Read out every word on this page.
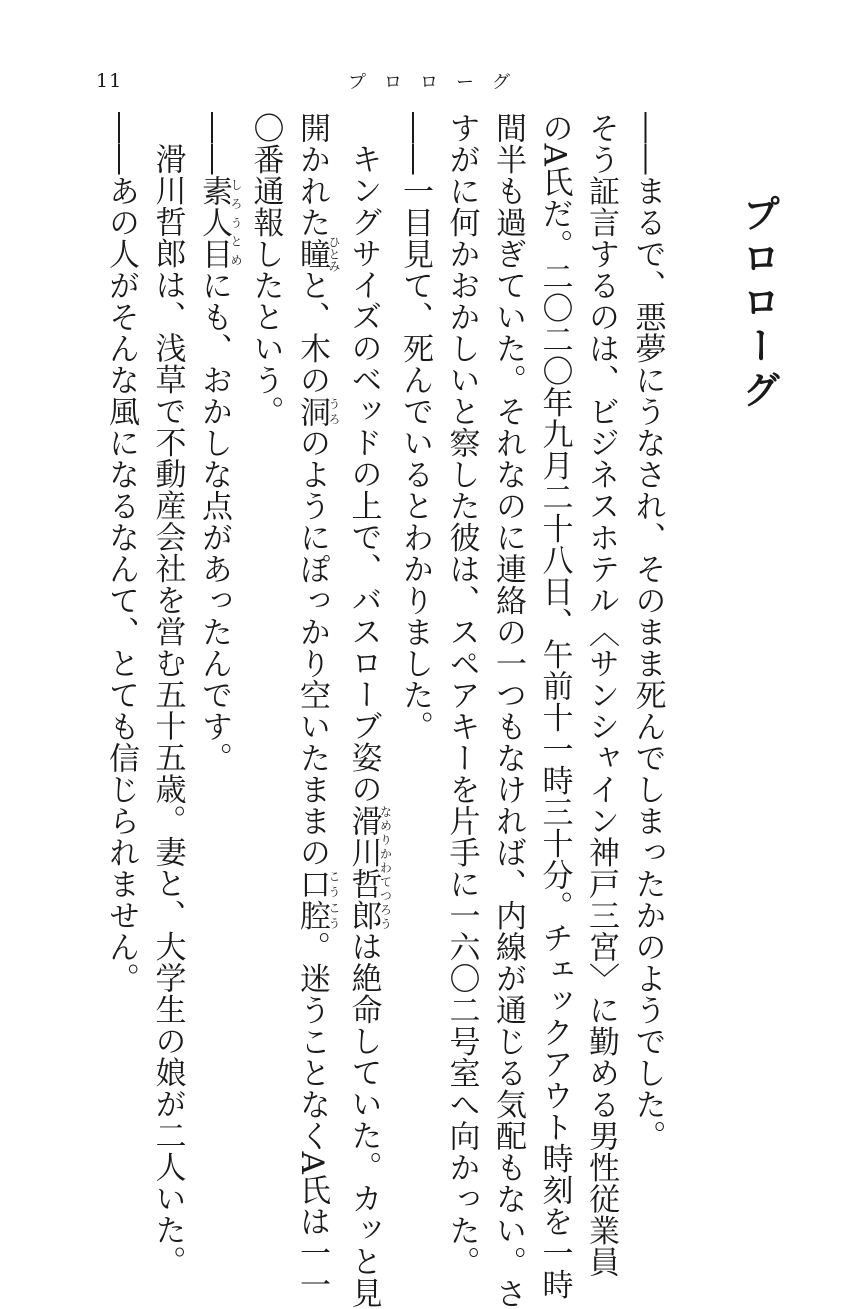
11	プロローグ
プロローグ
――まるで、悪夢にうなされ、そのまま死んでしまったかのようでした。
そう証言するのは、ビジネスホテル〈サンシャイン神戸三宮〉に勤める男性従業員
のA氏だ。二〇二〇年九月二十八日、午前十一時三十分。チェックアウト時刻を一時
間半も過ぎていた。それなのに連絡の一つもなければ、内線が通じる気配もない。さ
すがに何かおかしいと察した彼は、スペアキーを片手に一六〇二号室へ向かった。
――一目見て、死んでいるとわかりました。
キングサイズのベッドの上で、バスローブ姿の滑川哲郎なめりかわてつろうは絶命していた。カッと見
開かれた瞳ひとみと、木の洞うろのようにぽっかり空いたままの口腔こうこう。迷うことなくA氏は一一
〇番通報したという。
――素人目しろうとめにも、おかしな点があったんです。
滑川哲郎は、浅草で不動産会社を営む五十五歳。妻と、大学生の娘が二人いた。
――あの人がそんな風になるなんて、とても信じられません。
